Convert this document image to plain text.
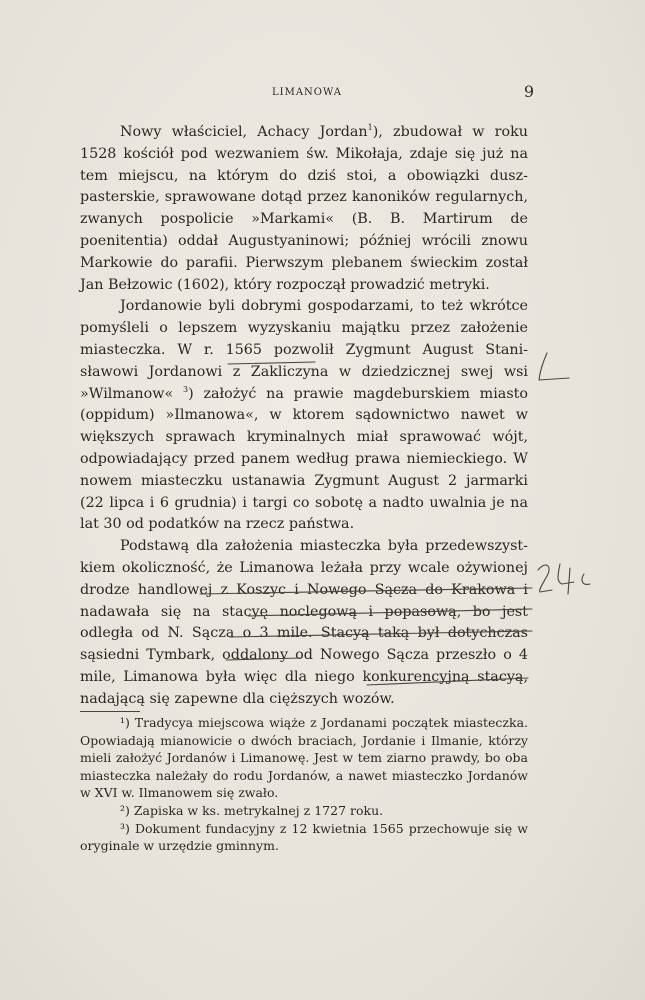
LIMANOWA	9

Nowy właściciel, Achacy Jordan$^1$), zbudował w roku 1528 kościół pod wezwaniem św. Mikołaja, zdaje się już na tem miejscu, na którym do dziś stoi, a obowiązki duszpasterskie, sprawowane dotąd przez kanoników regularnych, zwanych pospolicie »Markami« (B. B. Martirum de poenitentia) oddał Augustyaninowi; później wrócili znowu Markowie do parafii. Pierwszym plebanem świeckim został Jan Bełzowic (1602), który rozpoczął prowadzić metryki.

Jordanowie byli dobrymi gospodarzami, to też wkrótce pomyśleli o lepszem wyzyskaniu majątku przez założenie miasteczka. W r. 1565 pozwolił Zygmunt August Stanisławowi Jordanowi z Zakliczyna w dziedzicznej swej wsi »Wilmanow« $^3$) założyć na prawie magdeburskiem miasto (oppidum) »Ilmanowa«, w ktorem sądownictwo nawet w większych sprawach kryminalnych miał sprawować wójt, odpowiadający przed panem według prawa niemieckiego. W nowem miasteczku ustanawia Zygmunt August 2 jarmarki (22 lipca i 6 grudnia) i targi co sobotę a nadto uwalnia je na lat 30 od podatków na rzecz państwa.

Podstawą dla założenia miasteczka była przedewszystkiem okoliczność, że Limanowa leżała przy wcale ożywionej drodze handlowej z Koszyc i Nowego Sącza do Krakowa i nadawała się na stacyę noclegową i popasową, bo jest odległa od N. Sącza o 3 mile. Stacyą taką był dotychczas sąsiedni Tymbark, oddalony od Nowego Sącza przeszło o 4 mile, Limanowa była więc dla niego konkurencyjną stacyą, nadającą się zapewne dla cięższych wozów.

¹) Tradycya miejscowa wiąże z Jordanami początek miasteczka. Opowiadają mianowicie o dwóch braciach, Jordanie i Ilmanie, którzy mieli założyć Jordanów i Limanowę. Jest w tem ziarno prawdy, bo oba miasteczka należały do rodu Jordanów, a nawet miasteczko Jordanów w XVI w. Ilmanowem się zwało.

²) Zapiska w ks. metrykalnej z 1727 roku.

³) Dokument fundacyjny z 12 kwietnia 1565 przechowuje się w oryginale w urzędzie gminnym.
